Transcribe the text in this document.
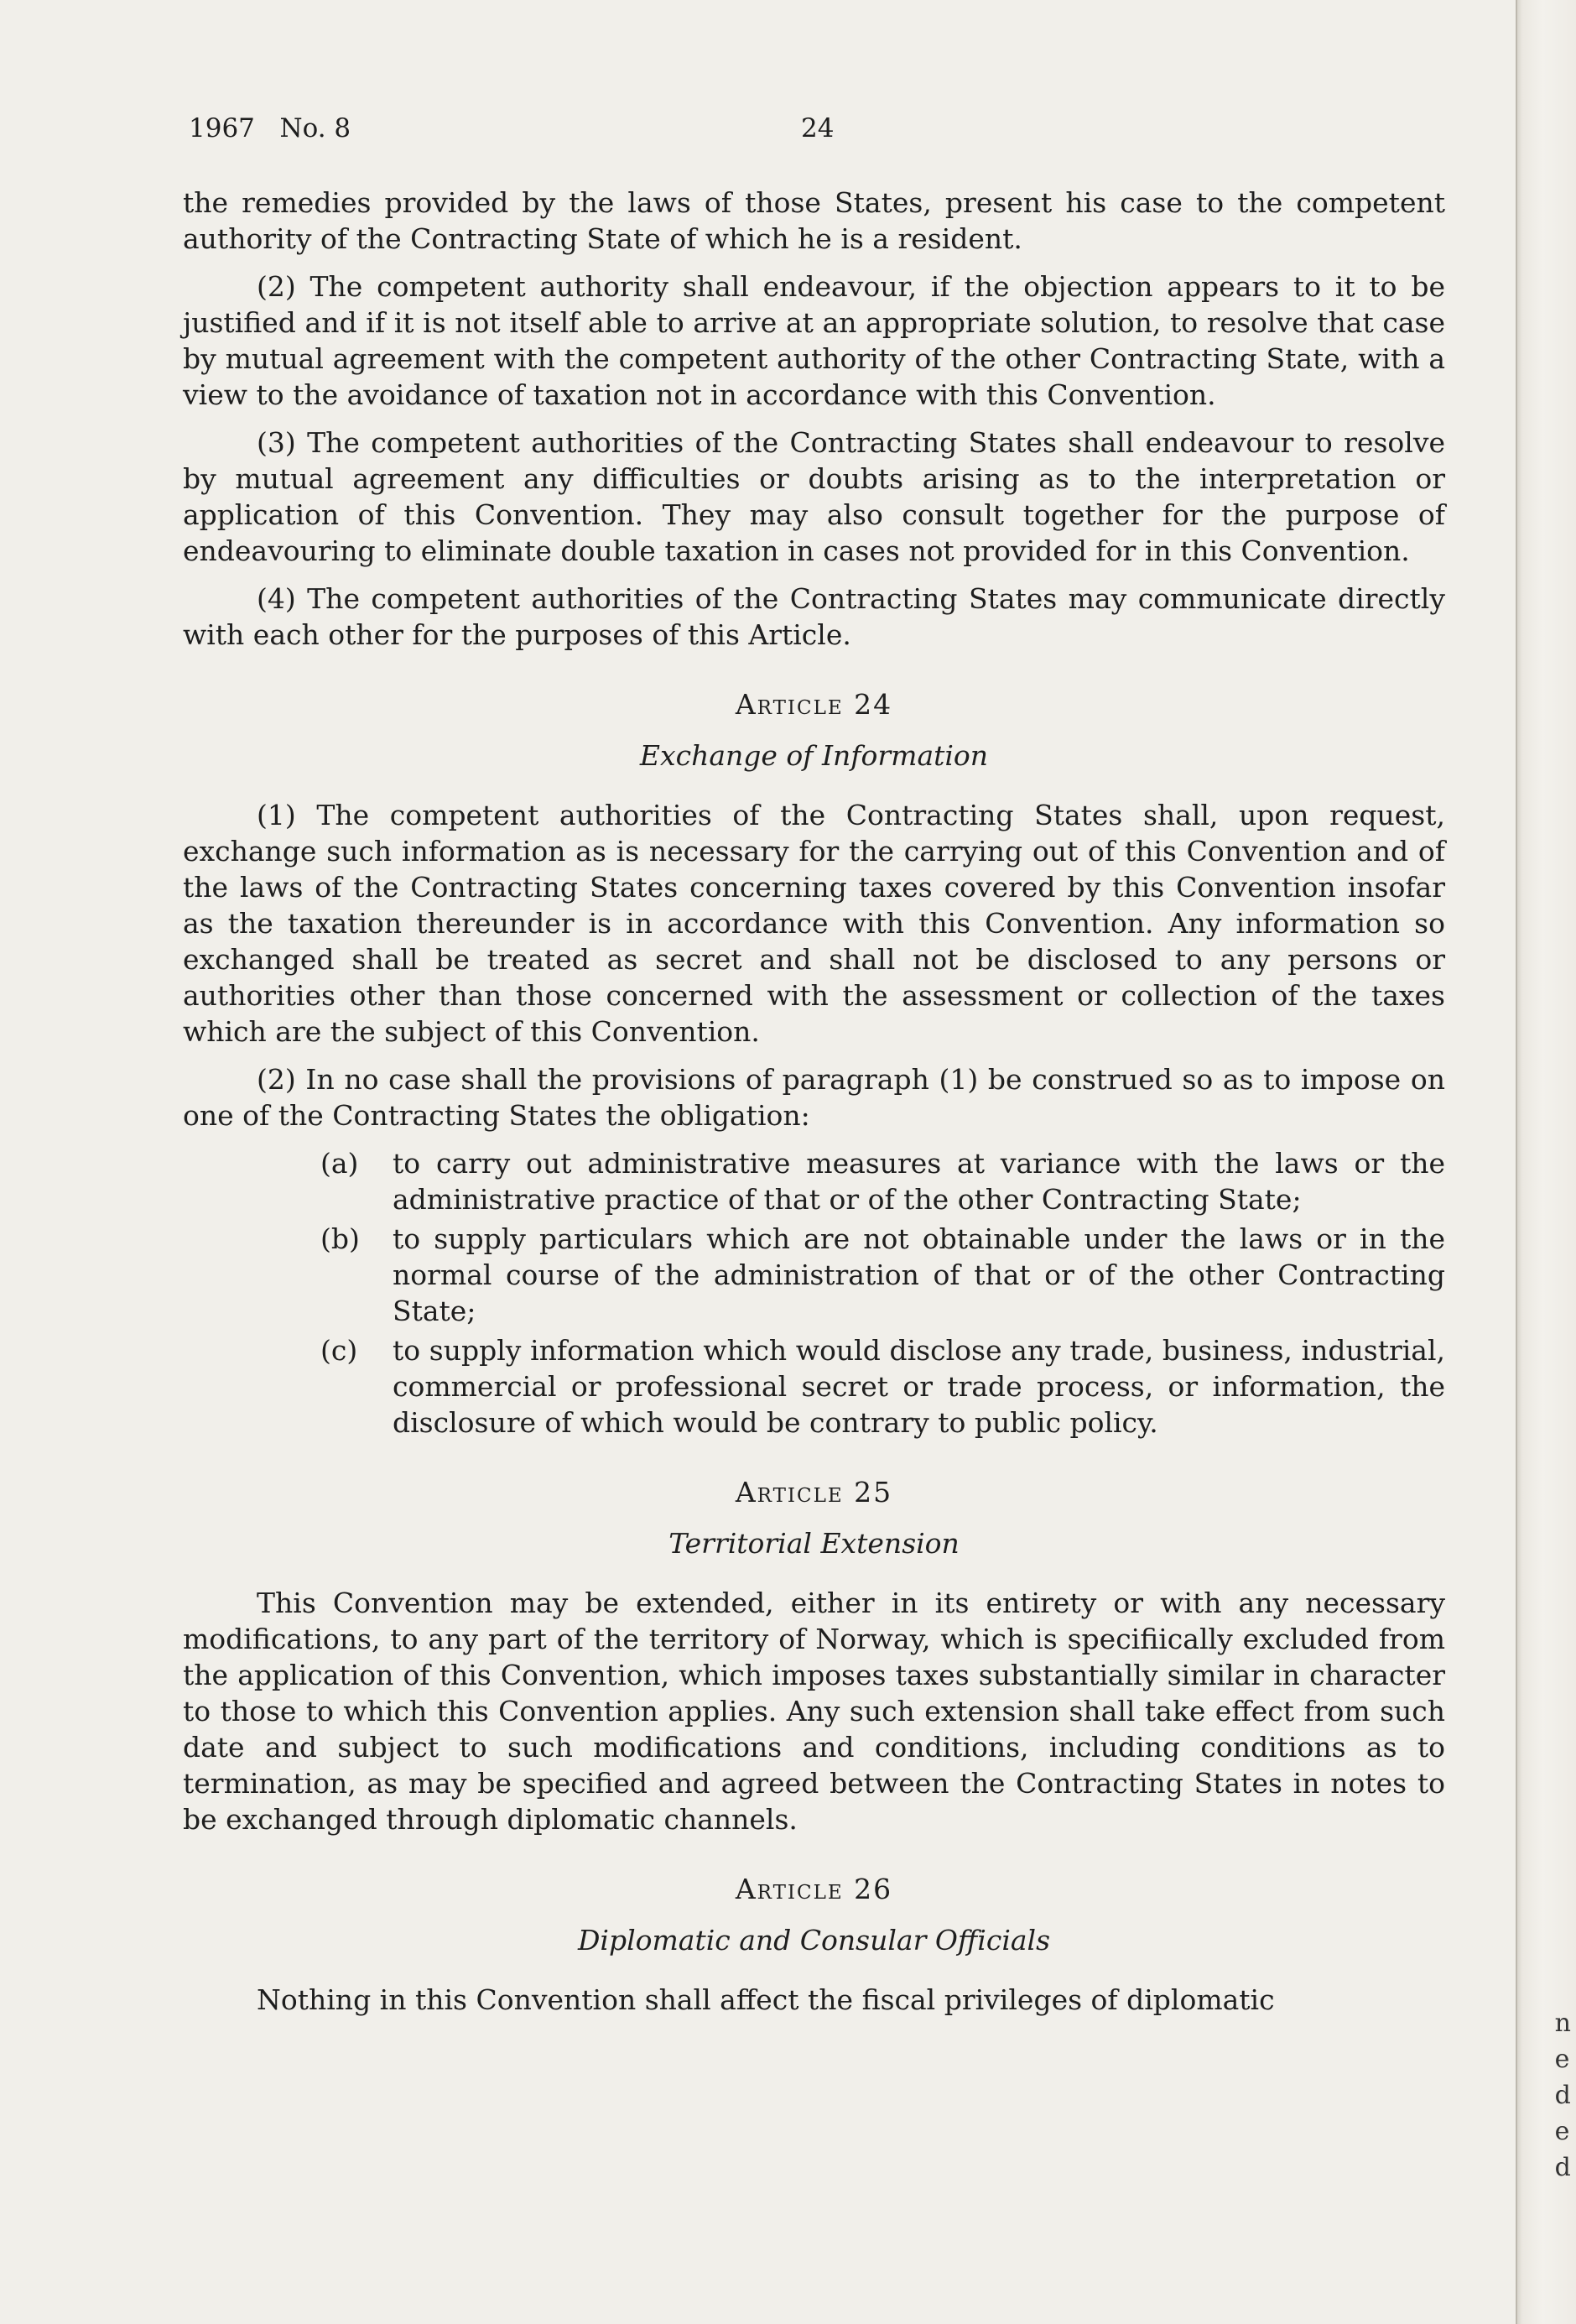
n
e
d
e
d
1967   No. 8	24

the remedies provided by the laws of those States, present his case to the competent authority of the Contracting State of which he is a resident.

(2) The competent authority shall endeavour, if the objection appears to it to be justified and if it is not itself able to arrive at an appropriate solution, to resolve that case by mutual agreement with the competent authority of the other Contracting State, with a view to the avoidance of taxation not in accordance with this Convention.

(3) The competent authorities of the Contracting States shall endeavour to resolve by mutual agreement any difficulties or doubts arising as to the interpretation or application of this Convention. They may also consult together for the purpose of endeavouring to eliminate double taxation in cases not provided for in this Convention.

(4) The competent authorities of the Contracting States may communicate directly with each other for the purposes of this Article.

Article 24
Exchange of Information

(1) The competent authorities of the Contracting States shall, upon request, exchange such information as is necessary for the carrying out of this Convention and of the laws of the Contracting States concerning taxes covered by this Convention insofar as the taxation thereunder is in accordance with this Convention. Any information so exchanged shall be treated as secret and shall not be disclosed to any persons or authorities other than those concerned with the assessment or collection of the taxes which are the subject of this Convention.

(2) In no case shall the provisions of paragraph (1) be construed so as to impose on one of the Contracting States the obligation:

(a) to carry out administrative measures at variance with the laws or the administrative practice of that or of the other Contracting State;
(b) to supply particulars which are not obtainable under the laws or in the normal course of the administration of that or of the other Contracting State;
(c) to supply information which would disclose any trade, business, industrial, commercial or professional secret or trade process, or information, the disclosure of which would be contrary to public policy.
Article 25
Territorial Extension

This Convention may be extended, either in its entirety or with any necessary modifications, to any part of the territory of Norway, which is specifiically excluded from the application of this Convention, which imposes taxes substantially similar in character to those to which this Convention applies. Any such extension shall take effect from such date and subject to such modifications and conditions, including conditions as to termination, as may be specified and agreed between the Contracting States in notes to be exchanged through diplomatic channels.

Article 26
Diplomatic and Consular Officials

Nothing in this Convention shall affect the fiscal privileges of diplomatic
